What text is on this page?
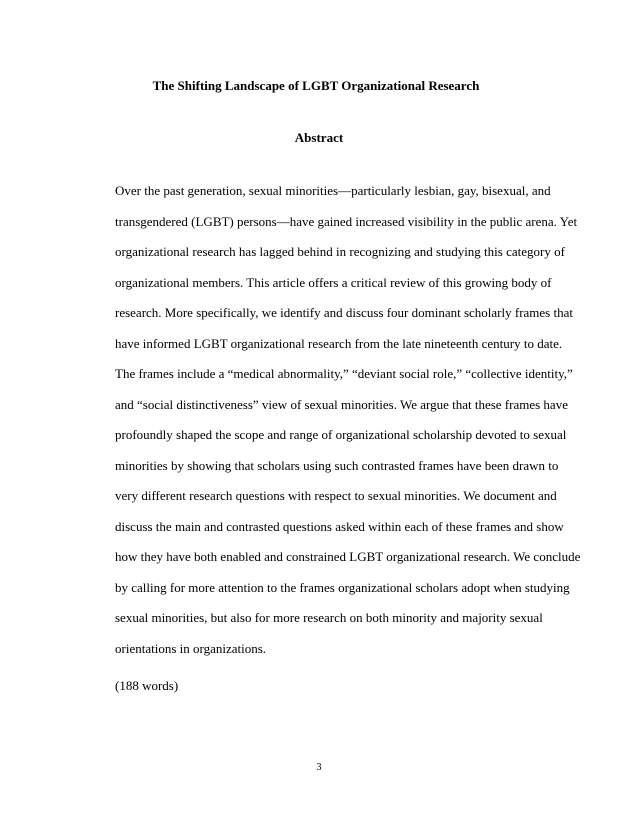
The Shifting Landscape of LGBT Organizational Research
Abstract
Over the past generation, sexual minorities—particularly lesbian, gay, bisexual, and
transgendered (LGBT) persons—have gained increased visibility in the public arena. Yet
organizational research has lagged behind in recognizing and studying this category of
organizational members. This article offers a critical review of this growing body of
research. More specifically, we identify and discuss four dominant scholarly frames that
have informed LGBT organizational research from the late nineteenth century to date.
The frames include a “medical abnormality,” “deviant social role,” “collective identity,”
and “social distinctiveness” view of sexual minorities. We argue that these frames have
profoundly shaped the scope and range of organizational scholarship devoted to sexual
minorities by showing that scholars using such contrasted frames have been drawn to
very different research questions with respect to sexual minorities. We document and
discuss the main and contrasted questions asked within each of these frames and show
how they have both enabled and constrained LGBT organizational research. We conclude
by calling for more attention to the frames organizational scholars adopt when studying
sexual minorities, but also for more research on both minority and majority sexual
orientations in organizations.
(188 words)
3
